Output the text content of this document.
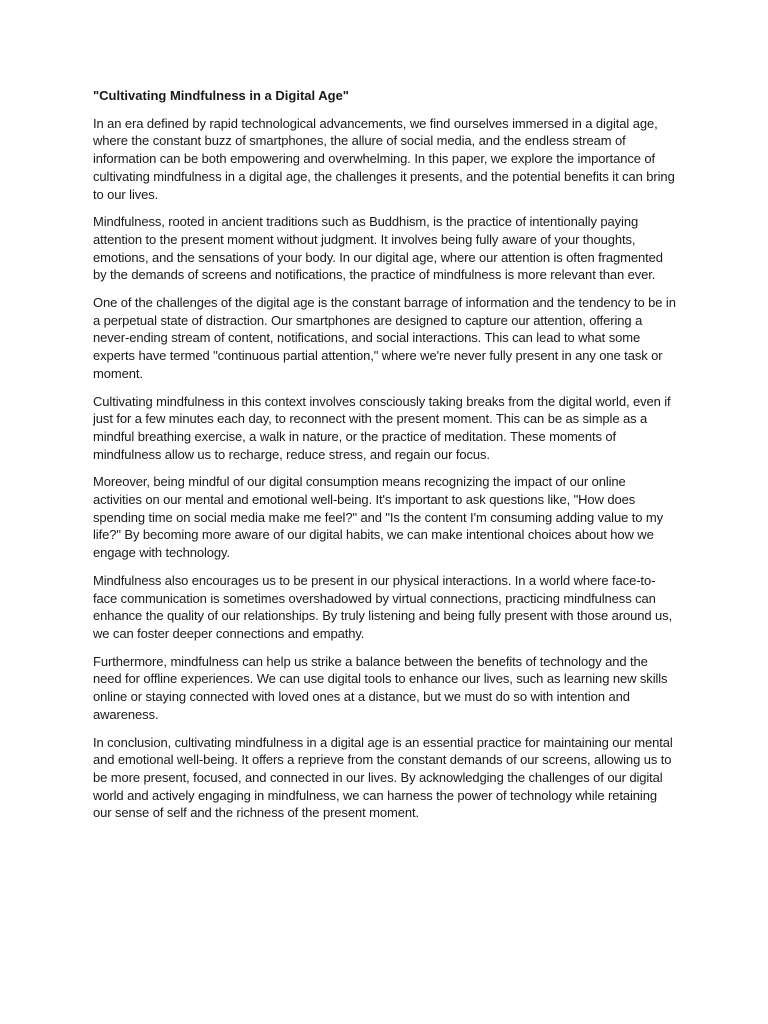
"Cultivating Mindfulness in a Digital Age"

In an era defined by rapid technological advancements, we find ourselves immersed in a digital age, where the constant buzz of smartphones, the allure of social media, and the endless stream of information can be both empowering and overwhelming. In this paper, we explore the importance of cultivating mindfulness in a digital age, the challenges it presents, and the potential benefits it can bring to our lives.

Mindfulness, rooted in ancient traditions such as Buddhism, is the practice of intentionally paying attention to the present moment without judgment. It involves being fully aware of your thoughts, emotions, and the sensations of your body. In our digital age, where our attention is often fragmented by the demands of screens and notifications, the practice of mindfulness is more relevant than ever.

One of the challenges of the digital age is the constant barrage of information and the tendency to be in a perpetual state of distraction. Our smartphones are designed to capture our attention, offering a never-ending stream of content, notifications, and social interactions. This can lead to what some experts have termed "continuous partial attention," where we're never fully present in any one task or moment.

Cultivating mindfulness in this context involves consciously taking breaks from the digital world, even if just for a few minutes each day, to reconnect with the present moment. This can be as simple as a mindful breathing exercise, a walk in nature, or the practice of meditation. These moments of mindfulness allow us to recharge, reduce stress, and regain our focus.

Moreover, being mindful of our digital consumption means recognizing the impact of our online activities on our mental and emotional well-being. It's important to ask questions like, "How does spending time on social media make me feel?" and "Is the content I'm consuming adding value to my life?" By becoming more aware of our digital habits, we can make intentional choices about how we engage with technology.

Mindfulness also encourages us to be present in our physical interactions. In a world where face-to-face communication is sometimes overshadowed by virtual connections, practicing mindfulness can enhance the quality of our relationships. By truly listening and being fully present with those around us, we can foster deeper connections and empathy.

Furthermore, mindfulness can help us strike a balance between the benefits of technology and the need for offline experiences. We can use digital tools to enhance our lives, such as learning new skills online or staying connected with loved ones at a distance, but we must do so with intention and awareness.

In conclusion, cultivating mindfulness in a digital age is an essential practice for maintaining our mental and emotional well-being. It offers a reprieve from the constant demands of our screens, allowing us to be more present, focused, and connected in our lives. By acknowledging the challenges of our digital world and actively engaging in mindfulness, we can harness the power of technology while retaining our sense of self and the richness of the present moment.
